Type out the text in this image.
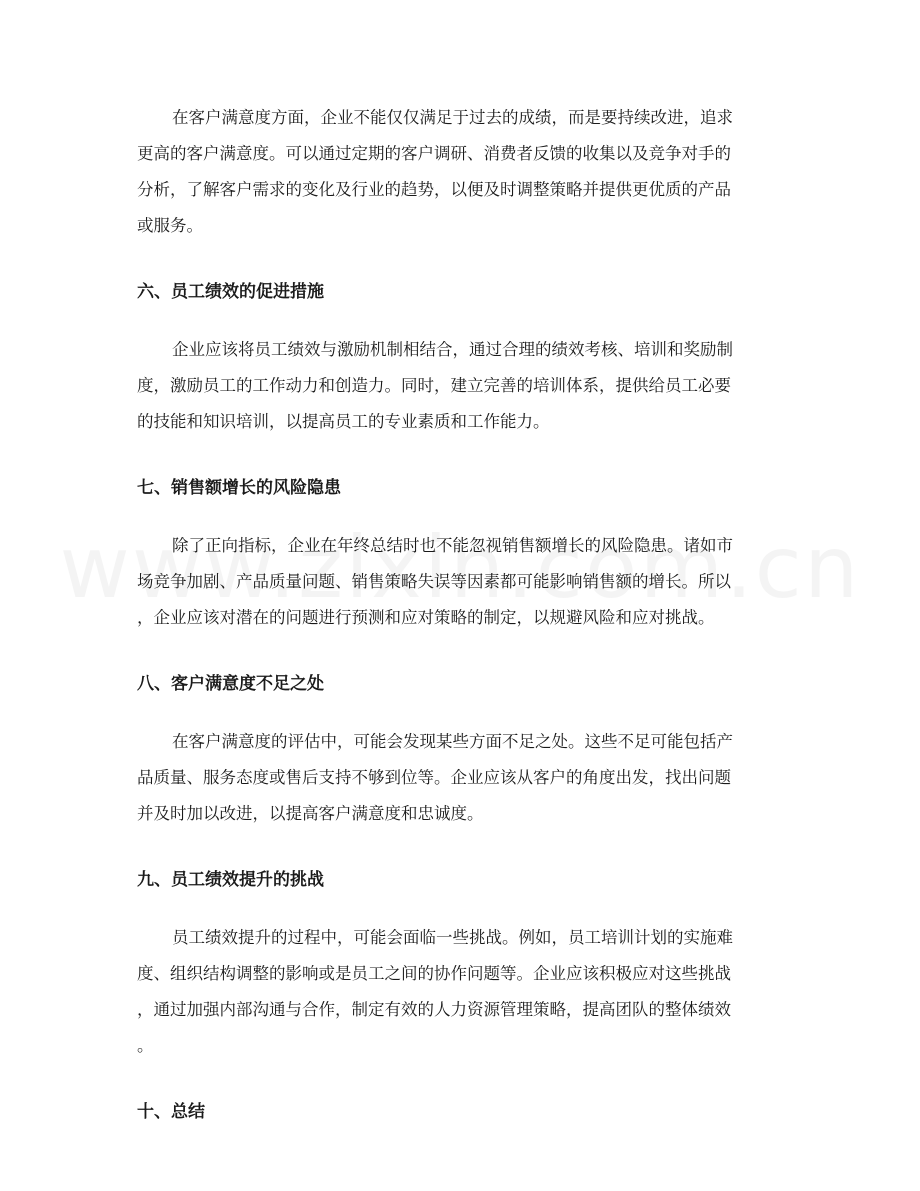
在客户满意度方面，企业不能仅仅满足于过去的成绩，而是要持续改进，追求
更高的客户满意度。可以通过定期的客户调研、消费者反馈的收集以及竞争对手的
分析，了解客户需求的变化及行业的趋势，以便及时调整策略并提供更优质的产品
或服务。
六、员工绩效的促进措施
企业应该将员工绩效与激励机制相结合，通过合理的绩效考核、培训和奖励制
度，激励员工的工作动力和创造力。同时，建立完善的培训体系，提供给员工必要
的技能和知识培训，以提高员工的专业素质和工作能力。
七、销售额增长的风险隐患
除了正向指标，企业在年终总结时也不能忽视销售额增长的风险隐患。诸如市
场竞争加剧、产品质量问题、销售策略失误等因素都可能影响销售额的增长。所以
，企业应该对潜在的问题进行预测和应对策略的制定，以规避风险和应对挑战。
八、客户满意度不足之处
在客户满意度的评估中，可能会发现某些方面不足之处。这些不足可能包括产
品质量、服务态度或售后支持不够到位等。企业应该从客户的角度出发，找出问题
并及时加以改进，以提高客户满意度和忠诚度。
九、员工绩效提升的挑战
员工绩效提升的过程中，可能会面临一些挑战。例如，员工培训计划的实施难
度、组织结构调整的影响或是员工之间的协作问题等。企业应该积极应对这些挑战
，通过加强内部沟通与合作，制定有效的人力资源管理策略，提高团队的整体绩效
。
十、总结
